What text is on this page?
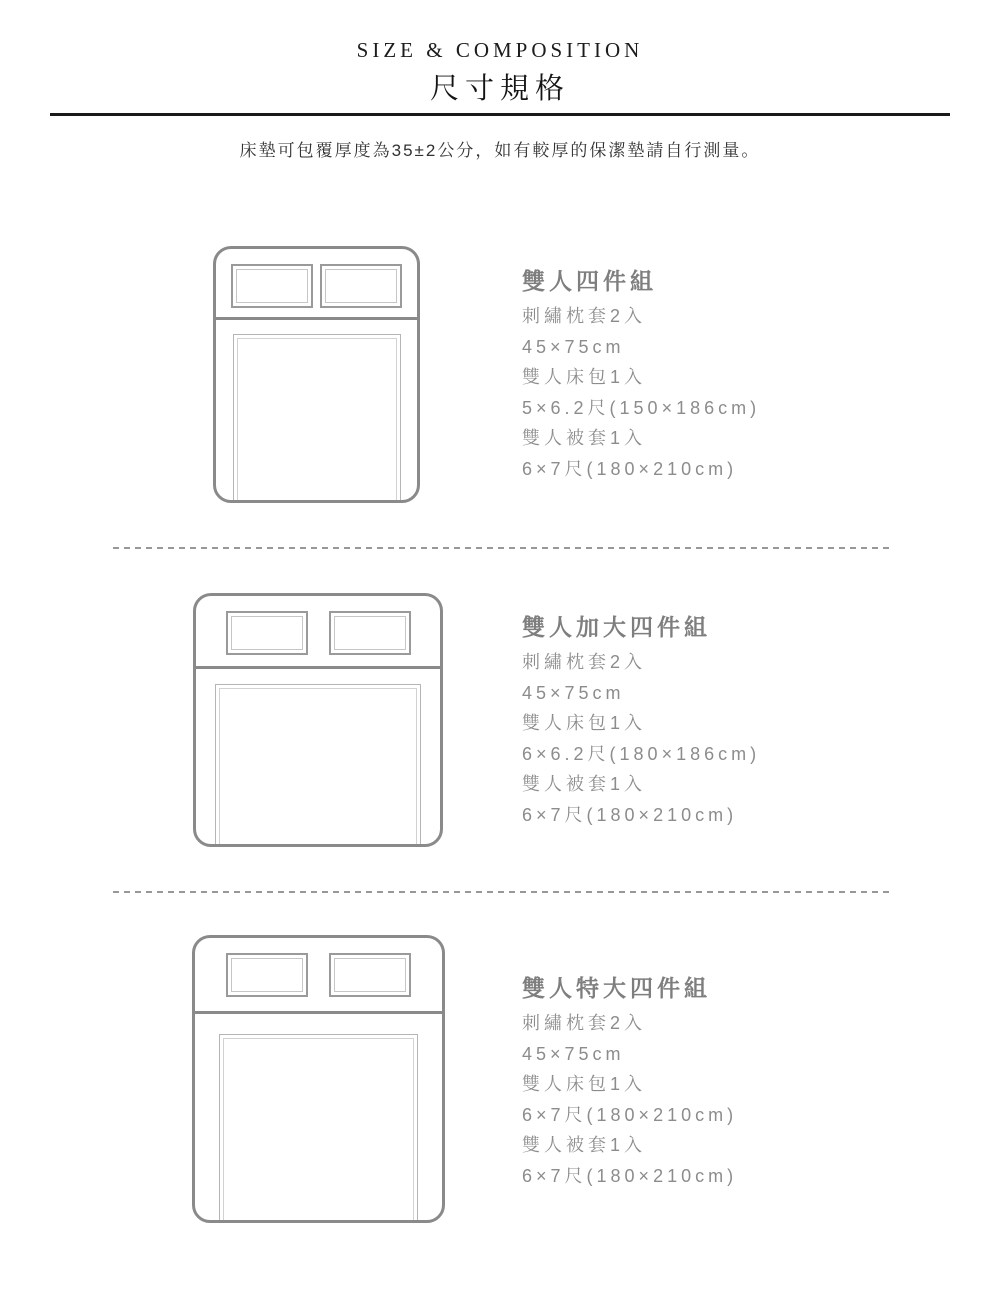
SIZE & COMPOSITION
尺寸規格
床墊可包覆厚度為35±2公分，如有較厚的保潔墊請自行測量。
雙人四件組
刺繡枕套2入
45×75cm
雙人床包1入
5×6.2尺(150×186cm)
雙人被套1入
6×7尺(180×210cm)
雙人加大四件組
刺繡枕套2入
45×75cm
雙人床包1入
6×6.2尺(180×186cm)
雙人被套1入
6×7尺(180×210cm)
雙人特大四件組
刺繡枕套2入
45×75cm
雙人床包1入
6×7尺(180×210cm)
雙人被套1入
6×7尺(180×210cm)
